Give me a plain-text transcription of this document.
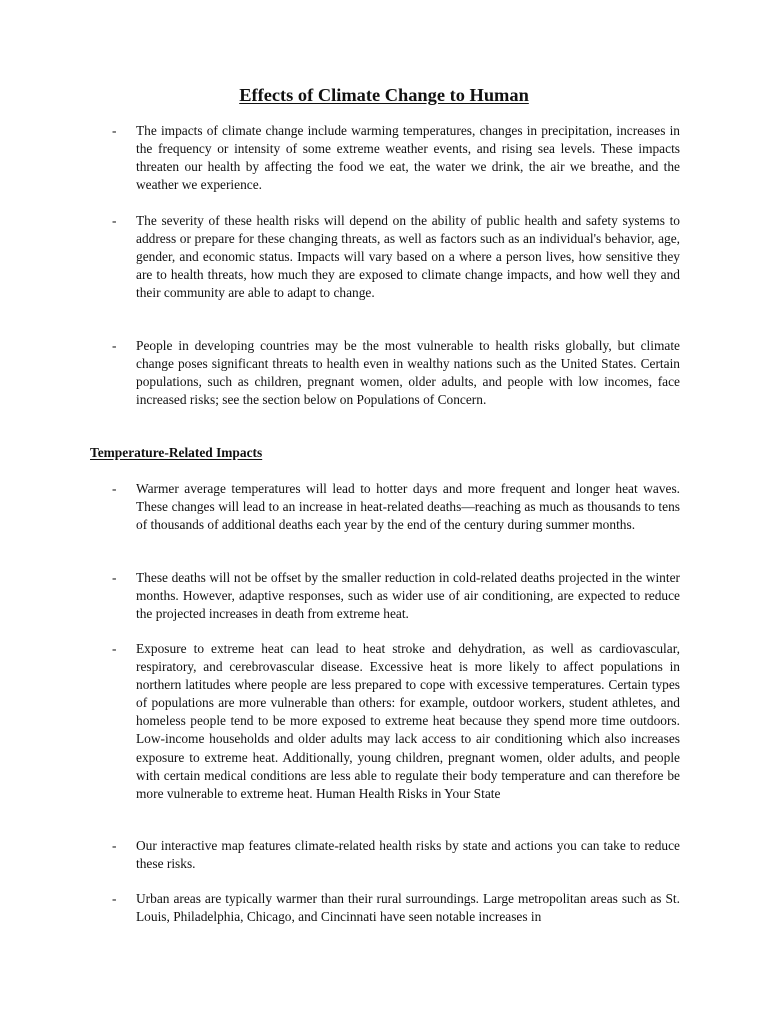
Effects of Climate Change to Human
-	The impacts of climate change include warming temperatures, changes in precipitation, increases in the frequency or intensity of some extreme weather events, and rising sea levels. These impacts threaten our health by affecting the food we eat, the water we drink, the air we breathe, and the weather we experience.

-	The severity of these health risks will depend on the ability of public health and safety systems to address or prepare for these changing threats, as well as factors such as an individual's behavior, age, gender, and economic status. Impacts will vary based on a where a person lives, how sensitive they are to health threats, how much they are exposed to climate change impacts, and how well they and their community are able to adapt to change.

-	People in developing countries may be the most vulnerable to health risks globally, but climate change poses significant threats to health even in wealthy nations such as the United States. Certain populations, such as children, pregnant women, older adults, and people with low incomes, face increased risks; see the section below on Populations of Concern.

Temperature-Related Impacts
-	Warmer average temperatures will lead to hotter days and more frequent and longer heat waves. These changes will lead to an increase in heat-related deaths—reaching as much as thousands to tens of thousands of additional deaths each year by the end of the century during summer months.

-	These deaths will not be offset by the smaller reduction in cold-related deaths projected in the winter months. However, adaptive responses, such as wider use of air conditioning, are expected to reduce the projected increases in death from extreme heat.

-	Exposure to extreme heat can lead to heat stroke and dehydration, as well as cardiovascular, respiratory, and cerebrovascular disease. Excessive heat is more likely to affect populations in northern latitudes where people are less prepared to cope with excessive temperatures. Certain types of populations are more vulnerable than others: for example, outdoor workers, student athletes, and homeless people tend to be more exposed to extreme heat because they spend more time outdoors. Low-income households and older adults may lack access to air conditioning which also increases exposure to extreme heat. Additionally, young children, pregnant women, older adults, and people with certain medical conditions are less able to regulate their body temperature and can therefore be more vulnerable to extreme heat. Human Health Risks in Your State

-	Our interactive map features climate-related health risks by state and actions you can take to reduce these risks.

-	Urban areas are typically warmer than their rural surroundings. Large metropolitan areas such as St. Louis, Philadelphia, Chicago, and Cincinnati have seen notable increases in
